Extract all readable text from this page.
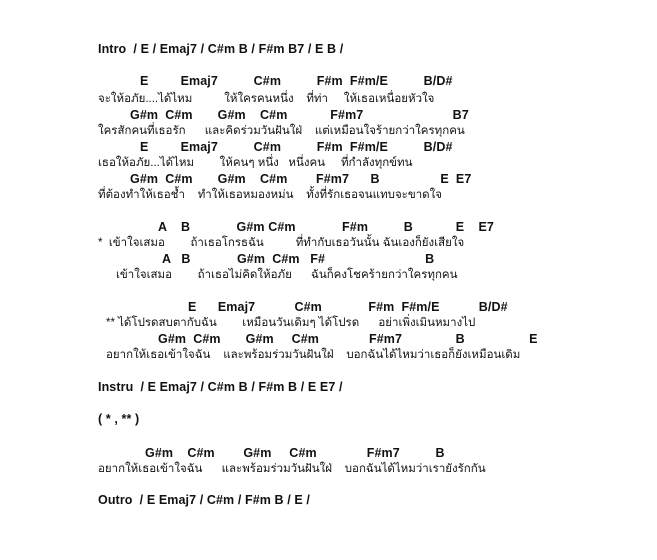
Intro  / E / Emaj7 / C#m B / F#m B7 / E B /
E         Emaj7          C#m          F#m  F#m/E          B/D#
จะให้อภัย....ได้ไหม          ให้ใครคนหนึ่ง    ที่ท่า     ให้เธอเหนื่อยหัวใจ
G#m  C#m       G#m    C#m            F#m7                         B7
ใครสักคนที่เธอรัก      และคิดร่วมวันฝันใฝ่    แต่เหมือนใจร้ายกว่าใครทุกคน
E         Emaj7          C#m          F#m  F#m/E          B/D#
เธอให้อภัย...ได้ไหม        ให้คนๆ หนึ่ง   หนึ่งคน     ที่กำลังทุกข์ทน
G#m  C#m       G#m    C#m        F#m7      B                 E  E7
ที่ต้องทำให้เธอช้ำ    ทำให้เธอหมองหม่น    ทั้งที่รักเธอจนแทบจะขาดใจ
A    B             G#m C#m             F#m          B            E    E7
*  เข้าใจเสมอ        ถ้าเธอโกรธฉัน          ที่ทำกับเธอวันนั้น ฉันเองก็ยังเสียใจ
A   B             G#m  C#m   F#                            B
เข้าใจเสมอ        ถ้าเธอไม่คิดให้อภัย      ฉันก็คงโชคร้ายกว่าใครทุกคน
E      Emaj7           C#m             F#m  F#m/E           B/D#
** ได้โปรดสบตากับฉัน        เหมือนวันเดิมๆ ได้โปรด      อย่าเพิ่งเมินหมางไป
G#m  C#m       G#m     C#m              F#m7               B                  E
อยากให้เธอเข้าใจฉัน    และพร้อมร่วมวันฝันใฝ่    บอกฉันได้ไหมว่าเธอก็ยังเหมือนเดิม
Instru  / E Emaj7 / C#m B / F#m B / E E7 /
( * , ** )
G#m    C#m        G#m     C#m              F#m7          B
อยากให้เธอเข้าใจฉัน      และพร้อมร่วมวันฝันใฝ่    บอกฉันได้ไหมว่าเรายังรักกัน
Outro  / E Emaj7 / C#m / F#m B / E /
